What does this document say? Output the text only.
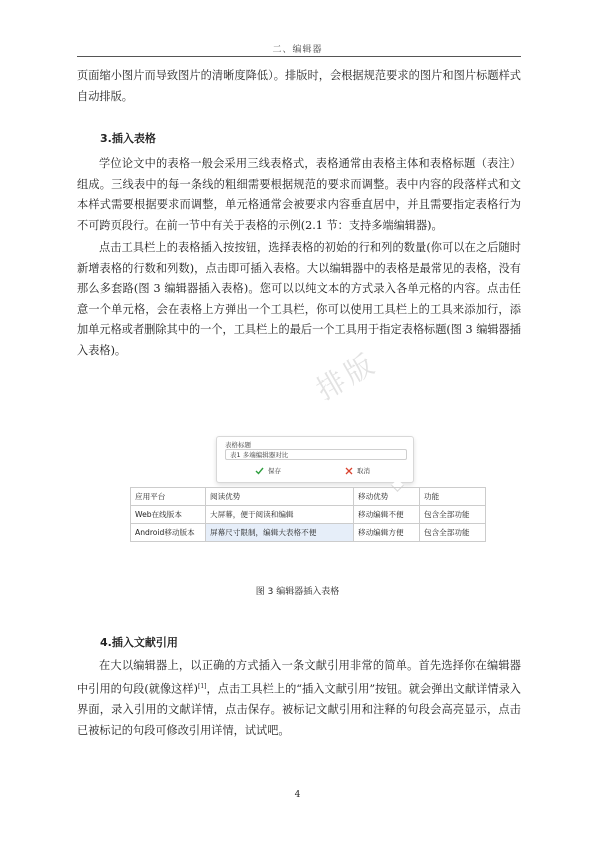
二、编辑器

页面缩小图片而导致图片的清晰度降低）。排版时，会根据规范要求的图片和图片标题样式自动排版。

3.插入表格

学位论文中的表格一般会采用三线表格式，表格通常由表格主体和表格标题（表注）组成。三线表中的每一条线的粗细需要根据规范的要求而调整。表中内容的段落样式和文本样式需要根据要求而调整，单元格通常会被要求内容垂直居中，并且需要指定表格行为不可跨页段行。在前一节中有关于表格的示例(2.1 节：支持多端编辑器)。

点击工具栏上的表格插入按按钮，选择表格的初始的行和列的数量(你可以在之后随时新增表格的行数和列数)，点击即可插入表格。大以编辑器中的表格是最常见的表格，没有那么多套路(图 3 编辑器插入表格)。您可以以纯文本的方式录入各单元格的内容。点击任意一个单元格，会在表格上方弹出一个工具栏，你可以使用工具栏上的工具来添加行，添加单元格或者删除其中的一个，工具栏上的最后一个工具用于指定表格标题(图 3 编辑器插入表格)。	排版
表格标题
表1 多端编辑器对比
保存	取消
应用平台	阅读优势	移动优势	功能
Web在线版本	大屏幕，便于阅读和编辑	移动编辑不便	包含全部功能
Android移动版本	屏幕尺寸限制，编辑大表格不便	移动编辑方便	包含全部功能
图 3 编辑器插入表格
4.插入文献引用

在大以编辑器上，以正确的方式插入一条文献引用非常的简单。首先选择你在编辑器中引用的句段(就像这样)[1]，点击工具栏上的“插入文献引用”按钮。就会弹出文献详情录入界面，录入引用的文献详情，点击保存。被标记文献引用和注释的句段会高亮显示，点击已被标记的句段可修改引用详情，试试吧。

4
